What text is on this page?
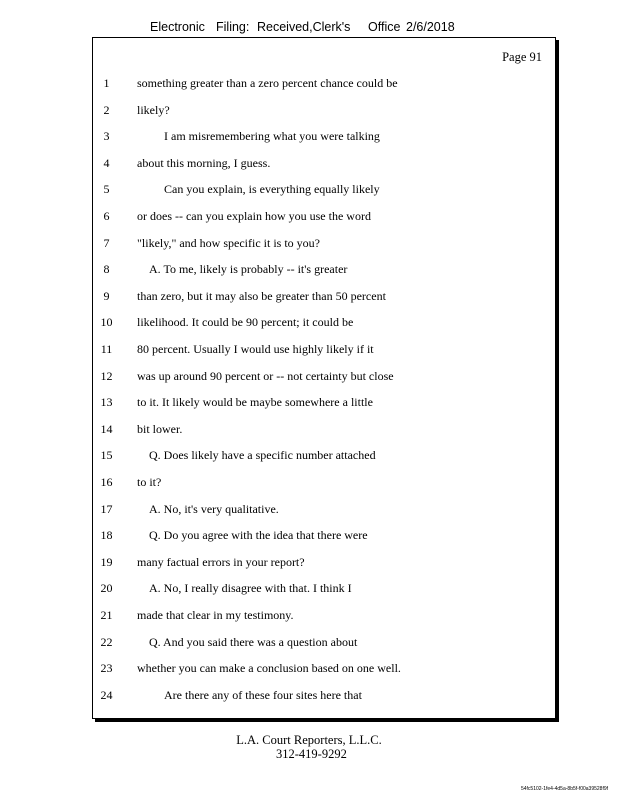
Electronic Filing: Received,Clerk's Office 2/6/2018
Page 91
1	something greater than a zero percent chance could be
2	likely?
3	I am misremembering what you were talking
4	about this morning, I guess.
5	Can you explain, is everything equally likely
6	or does -- can you explain how you use the word
7	"likely," and how specific it is to you?
8	A. To me, likely is probably -- it's greater
9	than zero, but it may also be greater than 50 percent
10	likelihood. It could be 90 percent; it could be
11	80 percent. Usually I would use highly likely if it
12	was up around 90 percent or -- not certainty but close
13	to it. It likely would be maybe somewhere a little
14	bit lower.
15	Q. Does likely have a specific number attached
16	to it?
17	A. No, it's very qualitative.
18	Q. Do you agree with the idea that there were
19	many factual errors in your report?
20	A. No, I really disagree with that. I think I
21	made that clear in my testimony.
22	Q. And you said there was a question about
23	whether you can make a conclusion based on one well.
24	Are there any of these four sites here that
L.A. Court Reporters, L.L.C.
312-419-9292
54fc5102-1fe4-4d5a-8b5f-f00a39528f9f
